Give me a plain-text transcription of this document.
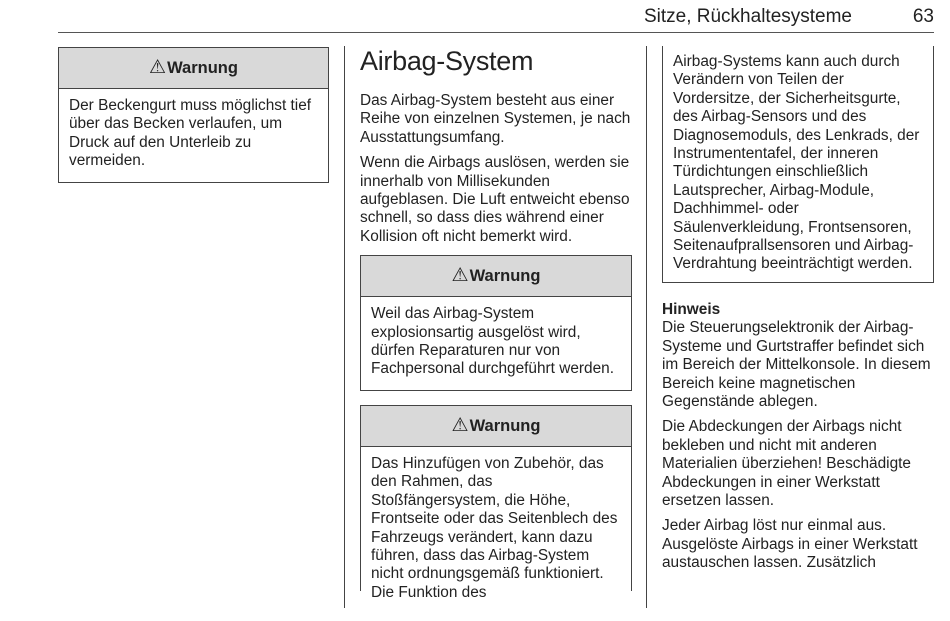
Sitze, Rückhaltesysteme	63
⚠ Warnung
Der Beckengurt muss möglichst tief über das Becken verlaufen, um Druck auf den Unterleib zu vermeiden.
Airbag-System

Das Airbag-System besteht aus einer Reihe von einzelnen Systemen, je nach Ausstattungsumfang.

Wenn die Airbags auslösen, werden sie innerhalb von Millisekunden aufgeblasen. Die Luft entweicht ebenso schnell, so dass dies während einer Kollision oft nicht bemerkt wird.

⚠ Warnung
Weil das Airbag-System explosionsartig ausgelöst wird, dürfen Reparaturen nur von Fachpersonal durchgeführt werden.
⚠ Warnung
Das Hinzufügen von Zubehör, das den Rahmen, das Stoßfängersystem, die Höhe, Frontseite oder das Seitenblech des Fahrzeugs verändert, kann dazu führen, dass das Airbag-System nicht ordnungsgemäß funktioniert. Die Funktion des
Airbag-Systems kann auch durch Verändern von Teilen der Vordersitze, der Sicherheitsgurte, des Airbag-Sensors und des Diagnosemoduls, des Lenkrads, der Instrumententafel, der inneren Türdichtungen einschließlich Lautsprecher, Airbag-Module, Dachhimmel- oder Säulenverkleidung, Frontsensoren, Seitenaufprallsensoren und Airbag-Verdrahtung beeinträchtigt werden.
Hinweis

Die Steuerungselektronik der Airbag-Systeme und Gurtstraffer befindet sich im Bereich der Mittelkonsole. In diesem Bereich keine magnetischen Gegenstände ablegen.

Die Abdeckungen der Airbags nicht bekleben und nicht mit anderen Materialien überziehen! Beschädigte Abdeckungen in einer Werkstatt ersetzen lassen.

Jeder Airbag löst nur einmal aus. Ausgelöste Airbags in einer Werkstatt austauschen lassen. Zusätzlich
